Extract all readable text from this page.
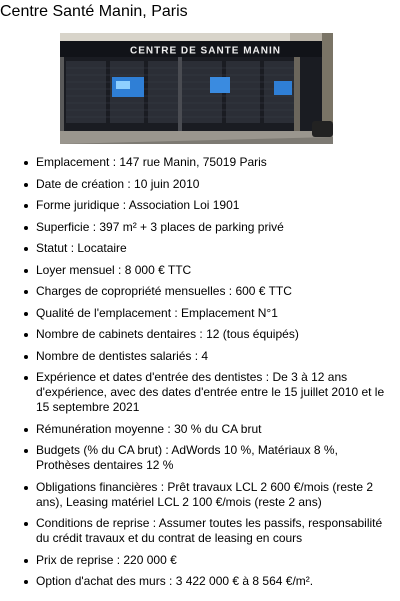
Centre Santé Manin, Paris
CENTRE DE SANTE MANIN
Emplacement : 147 rue Manin, 75019 Paris
Date de création : 10 juin 2010
Forme juridique : Association Loi 1901
Superficie : 397 m² + 3 places de parking privé
Statut : Locataire
Loyer mensuel : 8 000 € TTC
Charges de copropriété mensuelles : 600 € TTC
Qualité de l'emplacement : Emplacement N°1
Nombre de cabinets dentaires : 12 (tous équipés)
Nombre de dentistes salariés : 4
Expérience et dates d'entrée des dentistes : De 3 à 12 ans d'expérience, avec des dates d'entrée entre le 15 juillet 2010 et le 15 septembre 2021
Rémunération moyenne : 30 % du CA brut
Budgets (% du CA brut) : AdWords 10 %, Matériaux 8 %, Prothèses dentaires 12 %
Obligations financières : Prêt travaux LCL 2 600 €/mois (reste 2 ans), Leasing matériel LCL 2 100 €/mois (reste 2 ans)
Conditions de reprise : Assumer toutes les passifs, responsabilité du crédit travaux et du contrat de leasing en cours
Prix de reprise : 220 000 €
Option d'achat des murs : 3 422 000 € à 8 564 €/m².
